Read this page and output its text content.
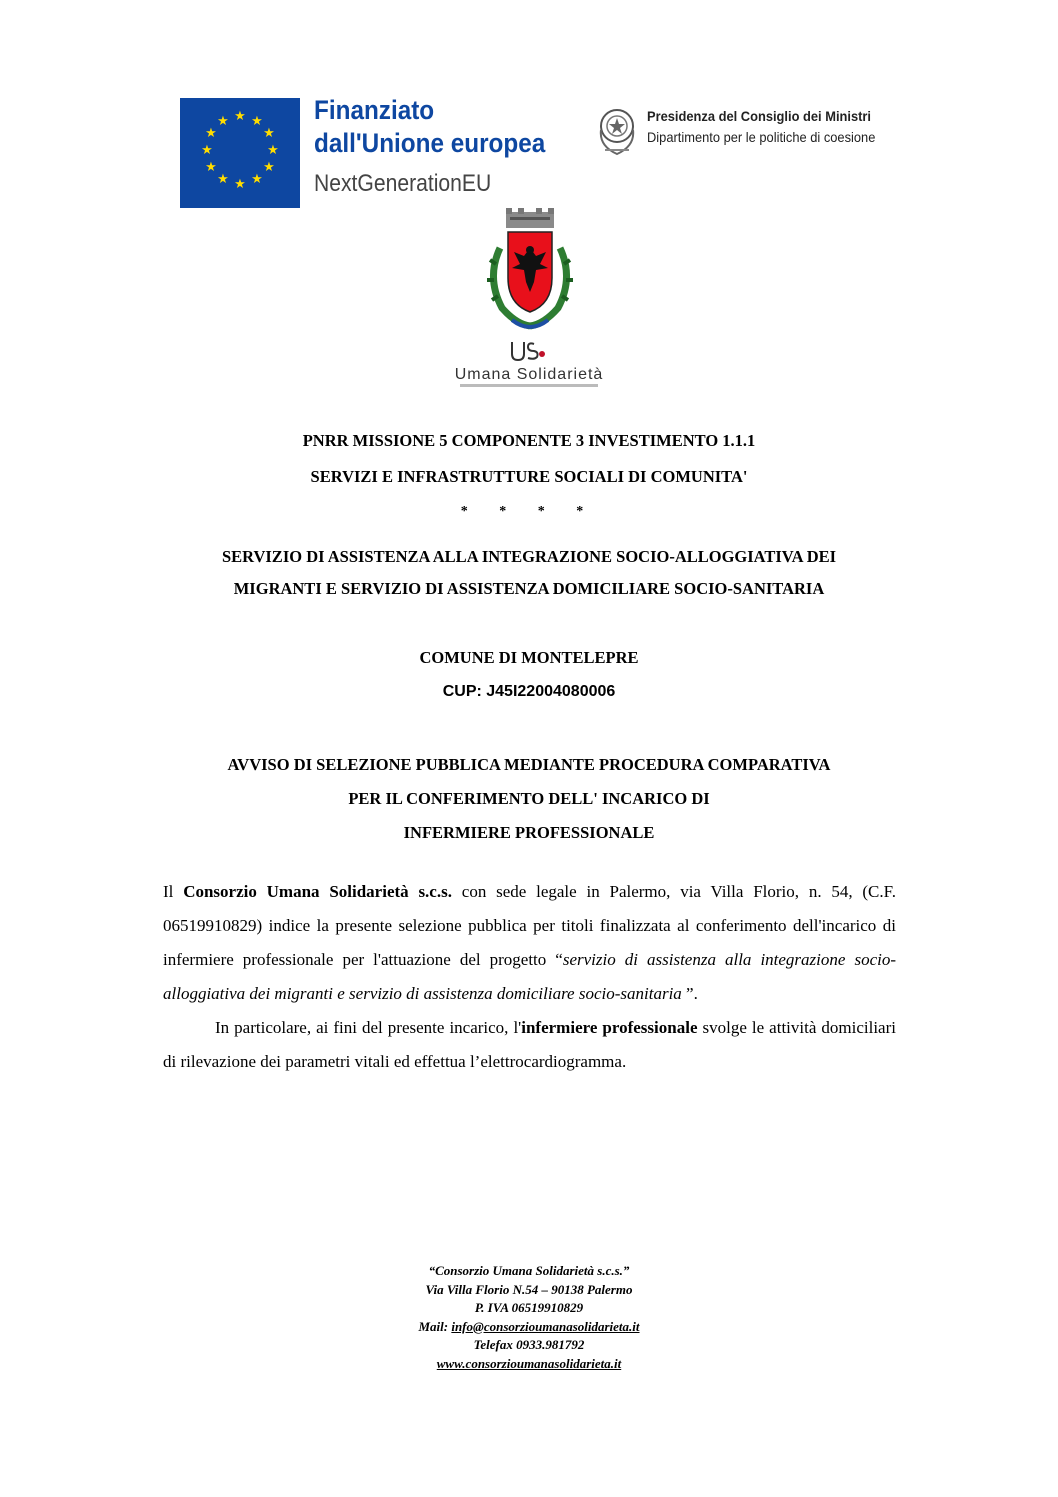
★ ★
★
★
★
★
★
★
★
★
★
★	Finanziato
dall'Unione europea
NextGenerationEU
Presidenza del Consiglio dei Ministri
Dipartimento per le politiche di coesione
Umana Solidarietà
PNRR MISSIONE 5 COMPONENTE 3 INVESTIMENTO 1.1.1
SERVIZI E INFRASTRUTTURE SOCIALI DI COMUNITA'
* * * *
SERVIZIO DI ASSISTENZA ALLA INTEGRAZIONE SOCIO-ALLOGGIATIVA DEI
MIGRANTI E SERVIZIO DI ASSISTENZA DOMICILIARE SOCIO-SANITARIA
COMUNE DI MONTELEPRE
CUP: J45I22004080006
AVVISO DI SELEZIONE PUBBLICA MEDIANTE PROCEDURA COMPARATIVA
PER IL CONFERIMENTO DELL' INCARICO DI
INFERMIERE PROFESSIONALE

Il Consorzio Umana Solidarietà s.c.s. con sede legale in Palermo, via Villa Florio, n. 54, (C.F. 06519910829) indice la presente selezione pubblica per titoli finalizzata al conferimento dell'incarico di infermiere professionale per l'attuazione del progetto “servizio di assistenza alla integrazione socio-alloggiativa dei migranti e servizio di assistenza domiciliare socio-sanitaria ”.

In particolare, ai fini del presente incarico, l'infermiere professionale svolge le attività domiciliari di rilevazione dei parametri vitali ed effettua l’elettrocardiogramma.

“Consorzio Umana Solidarietà s.c.s.”
Via Villa Florio N.54 – 90138 Palermo
P. IVA 06519910829
Mail: info@consorzioumanasolidarieta.it
Telefax 0933.981792
www.consorzioumanasolidarieta.it
